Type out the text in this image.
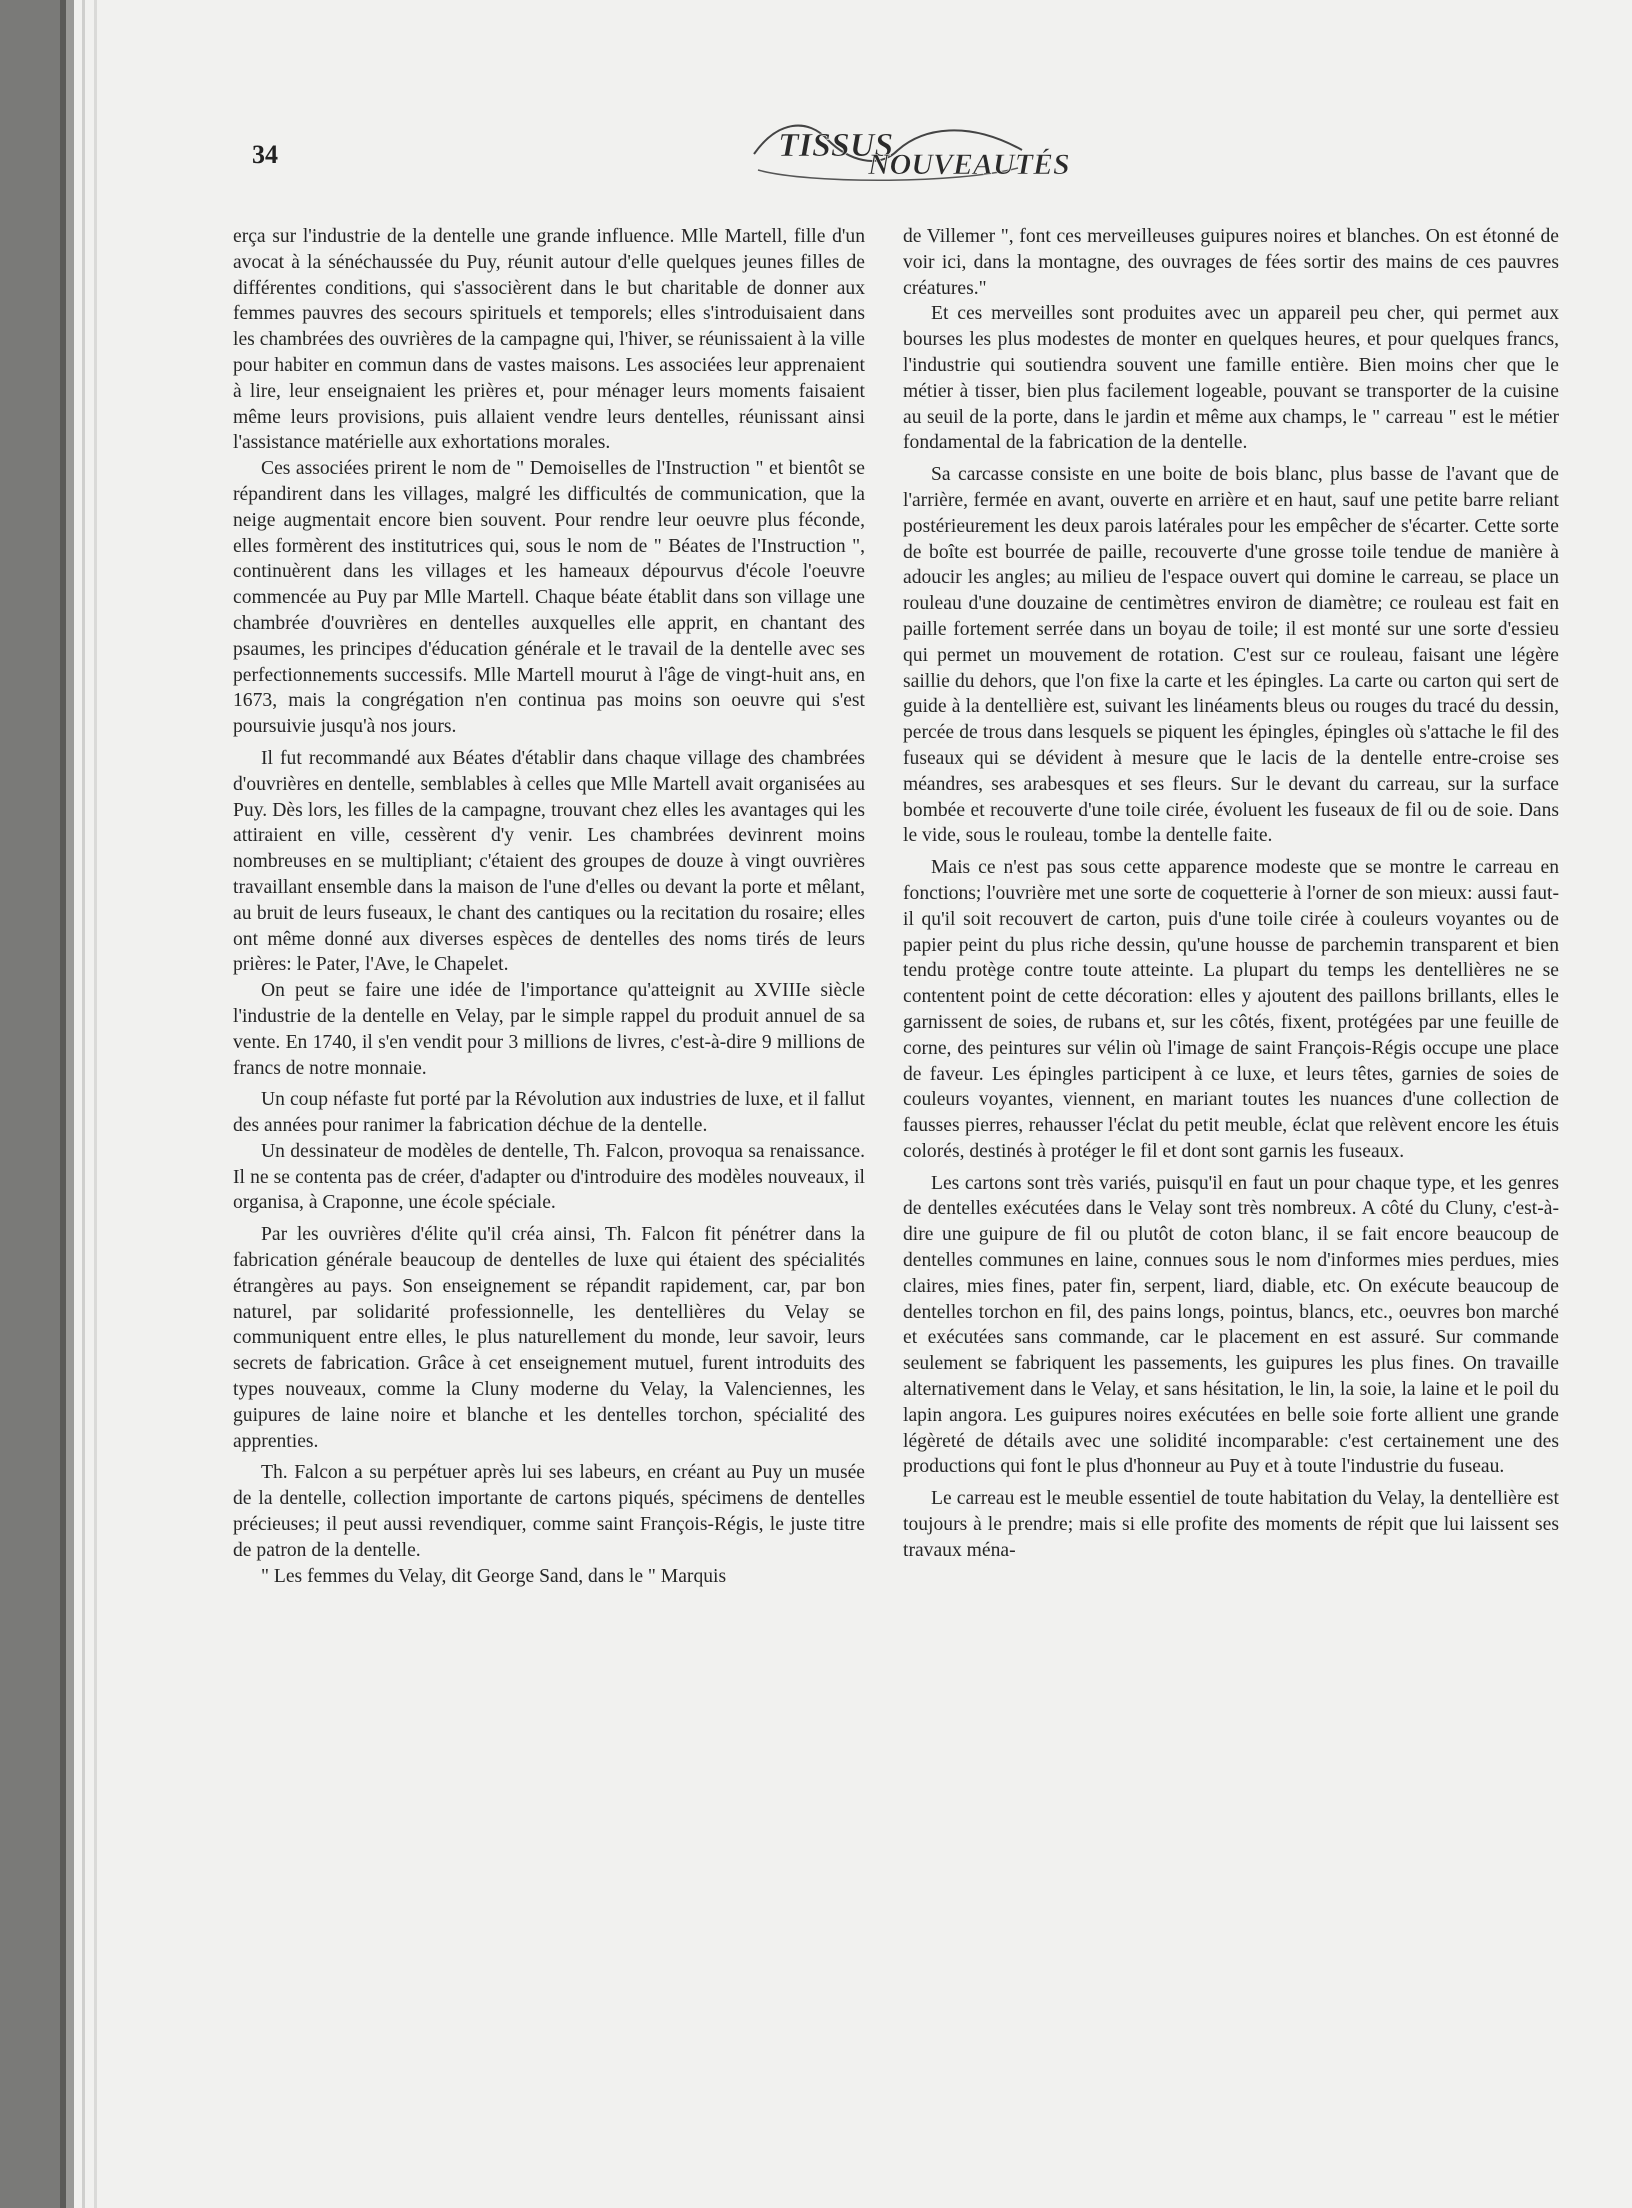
34	TISSUS
NOUVEAUTÉS

erça sur l'industrie de la dentelle une grande influence. Mlle Martell, fille d'un avocat à la sénéchaussée du Puy, réunit autour d'elle quelques jeunes filles de différentes conditions, qui s'associèrent dans le but charitable de donner aux femmes pauvres des secours spirituels et temporels; elles s'introduisaient dans les chambrées des ouvrières de la campagne qui, l'hiver, se réunissaient à la ville pour habiter en commun dans de vastes maisons. Les associées leur apprenaient à lire, leur enseignaient les prières et, pour ménager leurs moments faisaient même leurs provisions, puis allaient vendre leurs dentelles, réunissant ainsi l'assistance matérielle aux exhortations morales.

Ces associées prirent le nom de " Demoiselles de l'Instruction " et bientôt se répandirent dans les villages, malgré les difficultés de communication, que la neige augmentait encore bien souvent. Pour rendre leur oeuvre plus féconde, elles formèrent des institutrices qui, sous le nom de " Béates de l'Instruction ", continuèrent dans les villages et les hameaux dépourvus d'école l'oeuvre commencée au Puy par Mlle Martell. Chaque béate établit dans son village une chambrée d'ouvrières en dentelles auxquelles elle apprit, en chantant des psaumes, les principes d'éducation générale et le travail de la dentelle avec ses perfectionnements successifs. Mlle Martell mourut à l'âge de vingt-huit ans, en 1673, mais la congrégation n'en continua pas moins son oeuvre qui s'est poursuivie jusqu'à nos jours.

Il fut recommandé aux Béates d'établir dans chaque village des chambrées d'ouvrières en dentelle, semblables à celles que Mlle Martell avait organisées au Puy. Dès lors, les filles de la campagne, trouvant chez elles les avantages qui les attiraient en ville, cessèrent d'y venir. Les chambrées devinrent moins nombreuses en se multipliant; c'étaient des groupes de douze à vingt ouvrières travaillant ensemble dans la maison de l'une d'elles ou devant la porte et mêlant, au bruit de leurs fuseaux, le chant des cantiques ou la recitation du rosaire; elles ont même donné aux diverses espèces de dentelles des noms tirés de leurs prières: le Pater, l'Ave, le Chapelet.

On peut se faire une idée de l'importance qu'atteignit au XVIIIe siècle l'industrie de la dentelle en Velay, par le simple rappel du produit annuel de sa vente. En 1740, il s'en vendit pour 3 millions de livres, c'est-à-dire 9 millions de francs de notre monnaie.

Un coup néfaste fut porté par la Révolution aux industries de luxe, et il fallut des années pour ranimer la fabrication déchue de la dentelle.

Un dessinateur de modèles de dentelle, Th. Falcon, provoqua sa renaissance. Il ne se contenta pas de créer, d'adapter ou d'introduire des modèles nouveaux, il organisa, à Craponne, une école spéciale.

Par les ouvrières d'élite qu'il créa ainsi, Th. Falcon fit pénétrer dans la fabrication générale beaucoup de dentelles de luxe qui étaient des spécialités étrangères au pays. Son enseignement se répandit rapidement, car, par bon naturel, par solidarité professionnelle, les dentellières du Velay se communiquent entre elles, le plus naturellement du monde, leur savoir, leurs secrets de fabrication. Grâce à cet enseignement mutuel, furent introduits des types nouveaux, comme la Cluny moderne du Velay, la Valenciennes, les guipures de laine noire et blanche et les dentelles torchon, spécialité des apprenties.

Th. Falcon a su perpétuer après lui ses labeurs, en créant au Puy un musée de la dentelle, collection importante de cartons piqués, spécimens de dentelles précieuses; il peut aussi revendiquer, comme saint François-Régis, le juste titre de patron de la dentelle.

" Les femmes du Velay, dit George Sand, dans le " Marquis

de Villemer ", font ces merveilleuses guipures noires et blanches. On est étonné de voir ici, dans la montagne, des ouvrages de fées sortir des mains de ces pauvres créatures."

Et ces merveilles sont produites avec un appareil peu cher, qui permet aux bourses les plus modestes de monter en quelques heures, et pour quelques francs, l'industrie qui soutiendra souvent une famille entière. Bien moins cher que le métier à tisser, bien plus facilement logeable, pouvant se transporter de la cuisine au seuil de la porte, dans le jardin et même aux champs, le " carreau " est le métier fondamental de la fabrication de la dentelle.

Sa carcasse consiste en une boite de bois blanc, plus basse de l'avant que de l'arrière, fermée en avant, ouverte en arrière et en haut, sauf une petite barre reliant postérieurement les deux parois latérales pour les empêcher de s'écarter. Cette sorte de boîte est bourrée de paille, recouverte d'une grosse toile tendue de manière à adoucir les angles; au milieu de l'espace ouvert qui domine le carreau, se place un rouleau d'une douzaine de centimètres environ de diamètre; ce rouleau est fait en paille fortement serrée dans un boyau de toile; il est monté sur une sorte d'essieu qui permet un mouvement de rotation. C'est sur ce rouleau, faisant une légère saillie du dehors, que l'on fixe la carte et les épingles. La carte ou carton qui sert de guide à la dentellière est, suivant les linéaments bleus ou rouges du tracé du dessin, percée de trous dans lesquels se piquent les épingles, épingles où s'attache le fil des fuseaux qui se dévident à mesure que le lacis de la dentelle entre-croise ses méandres, ses arabesques et ses fleurs. Sur le devant du carreau, sur la surface bombée et recouverte d'une toile cirée, évoluent les fuseaux de fil ou de soie. Dans le vide, sous le rouleau, tombe la dentelle faite.

Mais ce n'est pas sous cette apparence modeste que se montre le carreau en fonctions; l'ouvrière met une sorte de coquetterie à l'orner de son mieux: aussi faut-il qu'il soit recouvert de carton, puis d'une toile cirée à couleurs voyantes ou de papier peint du plus riche dessin, qu'une housse de parchemin transparent et bien tendu protège contre toute atteinte. La plupart du temps les dentellières ne se contentent point de cette décoration: elles y ajoutent des paillons brillants, elles le garnissent de soies, de rubans et, sur les côtés, fixent, protégées par une feuille de corne, des peintures sur vélin où l'image de saint François-Régis occupe une place de faveur. Les épingles participent à ce luxe, et leurs têtes, garnies de soies de couleurs voyantes, viennent, en mariant toutes les nuances d'une collection de fausses pierres, rehausser l'éclat du petit meuble, éclat que relèvent encore les étuis colorés, destinés à protéger le fil et dont sont garnis les fuseaux.

Les cartons sont très variés, puisqu'il en faut un pour chaque type, et les genres de dentelles exécutées dans le Velay sont très nombreux. A côté du Cluny, c'est-à-dire une guipure de fil ou plutôt de coton blanc, il se fait encore beaucoup de dentelles communes en laine, connues sous le nom d'informes mies perdues, mies claires, mies fines, pater fin, serpent, liard, diable, etc. On exécute beaucoup de dentelles torchon en fil, des pains longs, pointus, blancs, etc., oeuvres bon marché et exécutées sans commande, car le placement en est assuré. Sur commande seulement se fabriquent les passements, les guipures les plus fines. On travaille alternativement dans le Velay, et sans hésitation, le lin, la soie, la laine et le poil du lapin angora. Les guipures noires exécutées en belle soie forte allient une grande légèreté de détails avec une solidité incomparable: c'est certainement une des productions qui font le plus d'honneur au Puy et à toute l'industrie du fuseau.

Le carreau est le meuble essentiel de toute habitation du Velay, la dentellière est toujours à le prendre; mais si elle profite des moments de répit que lui laissent ses travaux ména-
